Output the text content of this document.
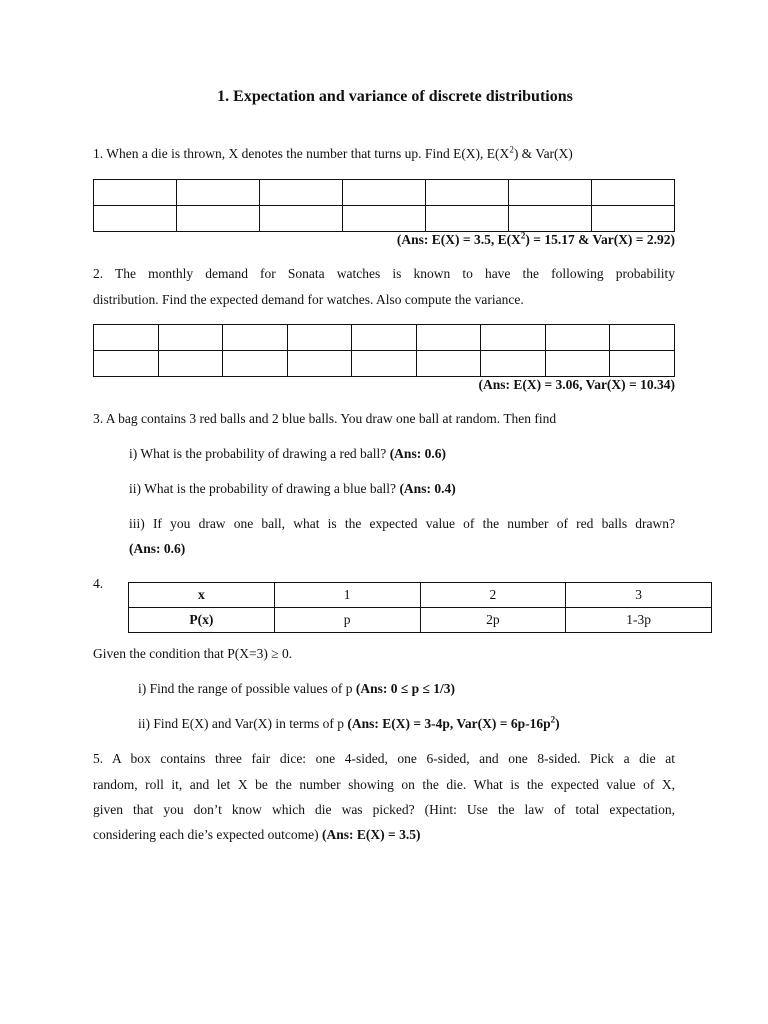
1. Expectation and variance of discrete distributions
1. When a die is thrown, X denotes the number that turns up. Find E(X), $E(X^2)$ & Var(X)

(Ans: E(X) = 3.5, $E(X^2) = 15.17$ & Var(X) = 2.92)
2. The monthly demand for Sonata watches is known to have the following probability
distribution. Find the expected demand for watches. Also compute the variance.

(Ans: E(X) = 3.06, Var(X) = 10.34)
3. A bag contains 3 red balls and 2 blue balls. You draw one ball at random. Then find
i) What is the probability of drawing a red ball? (Ans: 0.6)
ii) What is the probability of drawing a blue ball? (Ans: 0.4)
iii) If you draw one ball, what is the expected value of the number of red balls drawn?
(Ans: 0.6)
4.
x	1	2	3
P(x)	p	2p	1-3p
Given the condition that P(X=3) ≥ 0.
i) Find the range of possible values of p (Ans: 0 ≤ p ≤ 1/3)
ii) Find E(X) and Var(X) in terms of p (Ans: E(X) = 3-4p, $Var(X) = 6p-16p^2$)
5. A box contains three fair dice: one 4-sided, one 6-sided, and one 8-sided. Pick a die at
random, roll it, and let X be the number showing on the die. What is the expected value of X,
given that you don’t know which die was picked? (Hint: Use the law of total expectation,
considering each die’s expected outcome) (Ans: E(X) = 3.5)
